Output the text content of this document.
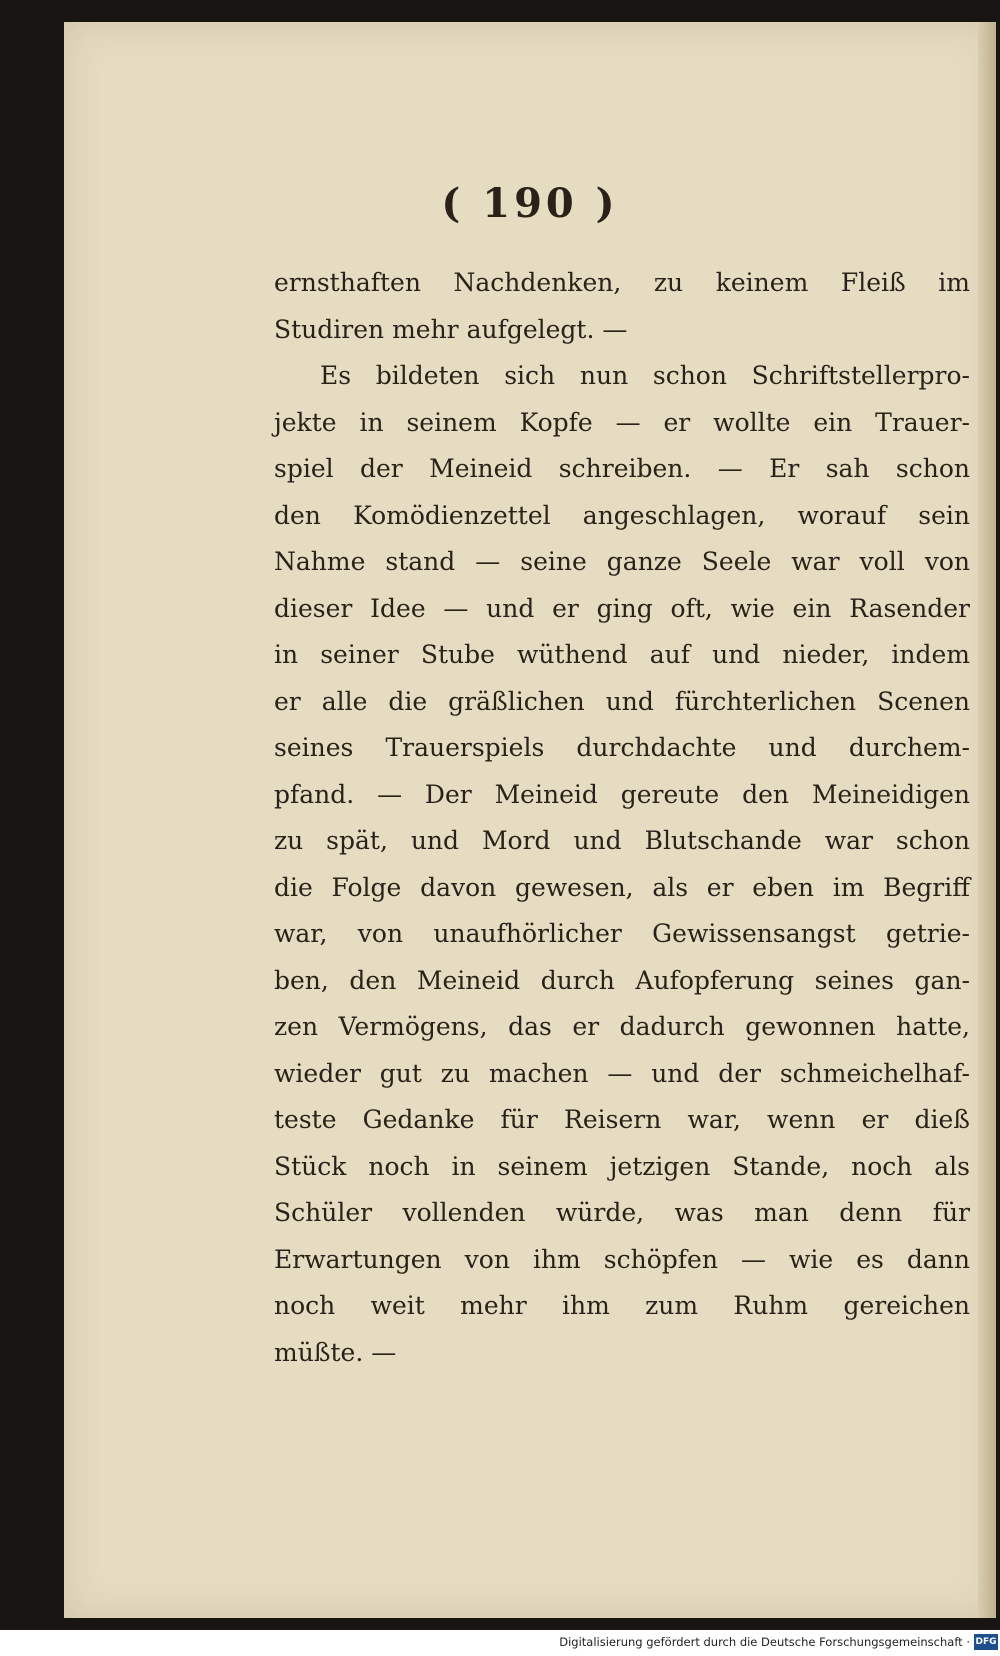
( 190 )
ernsthaften Nachdenken, zu keinem Fleiß im
Studiren mehr aufgelegt. —
Es bildeten sich nun schon Schriftstellerpro-
jekte in seinem Kopfe — er wollte ein Trauer-
spiel der Meineid schreiben. — Er sah schon
den Komödienzettel angeschlagen, worauf sein
Nahme stand — seine ganze Seele war voll von
dieser Idee — und er ging oft, wie ein Rasender
in seiner Stube wüthend auf und nieder, indem
er alle die gräßlichen und fürchterlichen Scenen
seines Trauerspiels durchdachte und durchem-
pfand. — Der Meineid gereute den Meineidigen
zu spät, und Mord und Blutschande war schon
die Folge davon gewesen, als er eben im Begriff
war, von unaufhörlicher Gewissensangst getrie-
ben, den Meineid durch Aufopferung seines gan-
zen Vermögens, das er dadurch gewonnen hatte,
wieder gut zu machen — und der schmeichelhaf-
teste Gedanke für Reisern war, wenn er dieß
Stück noch in seinem jetzigen Stande, noch als
Schüler vollenden würde, was man denn für
Erwartungen von ihm schöpfen — wie es dann
noch weit mehr ihm zum Ruhm gereichen
müßte. —
Digitalisierung gefördert durch die Deutsche Forschungsgemeinschaft · DFG
